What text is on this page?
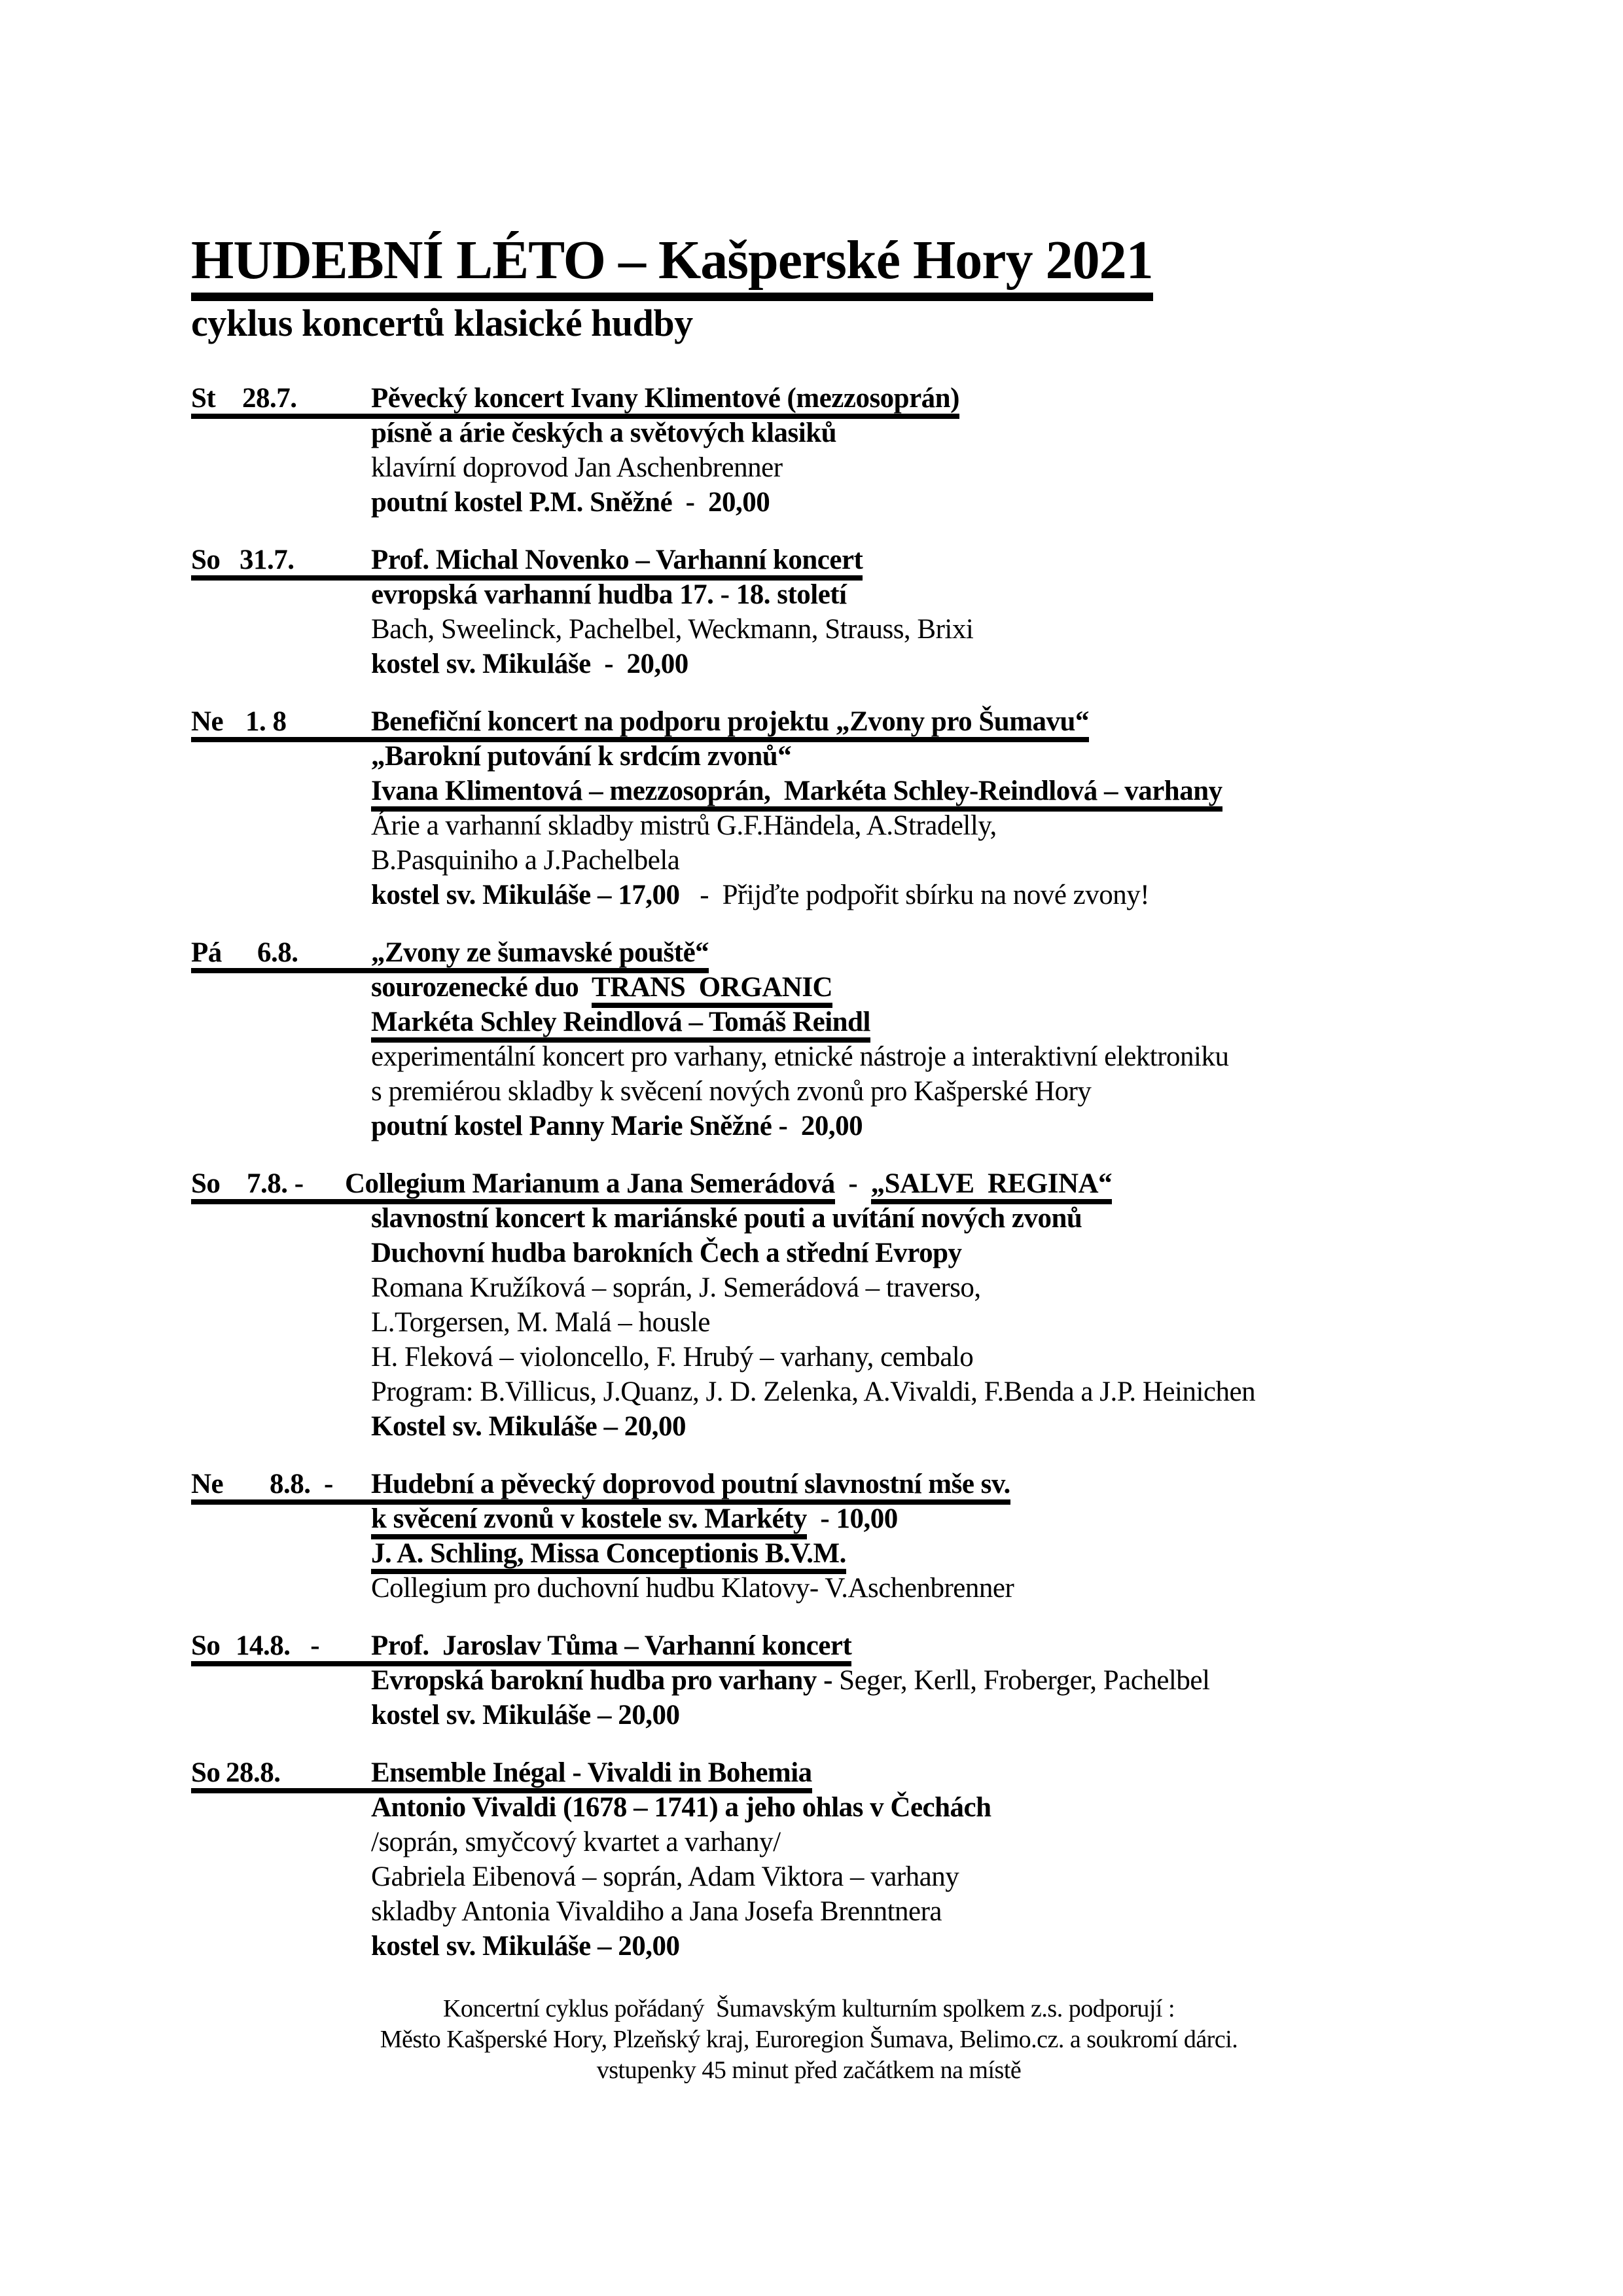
HUDEBNÍ LÉTO – Kašperské Hory 2021
cyklus koncertů klasické hudby
St 28.7.	Pěvecký koncert Ivany Klimentové (mezzosoprán)
písně a árie českých a světových klasiků
klavírní doprovod Jan Aschenbrenner
poutní kostel P.M. Sněžné  -  20,00
So 31.7.	Prof. Michal Novenko – Varhanní koncert
evropská varhanní hudba 17. - 18. století
Bach, Sweelinck, Pachelbel, Weckmann, Strauss, Brixi
kostel sv. Mikuláše  -  20,00
Ne 1. 8	Benefiční koncert na podporu projektu „Zvony pro Šumavu“
„Barokní putování k srdcím zvonů“
Ivana Klimentová – mezzosoprán,  Markéta Schley-Reindlová – varhany
Árie a varhanní skladby mistrů G.F.Händela, A.Stradelly,
B.Pasquiniho a J.Pachelbela
kostel sv. Mikuláše – 17,00   -  Přijďte podpořit sbírku na nové zvony!
Pá 6.8.	„Zvony ze šumavské pouště“
sourozenecké duo  TRANS  ORGANIC
Markéta Schley Reindlová – Tomáš Reindl
experimentální koncert pro varhany, etnické nástroje a interaktivní elektroniku
s premiérou skladby k svěcení nových zvonů pro Kašperské Hory
poutní kostel Panny Marie Sněžné -  20,00
So 7.8. - Collegium Marianum a Jana Semerádová  -  „SALVE  REGINA“
slavnostní koncert k mariánské pouti a uvítání nových zvonů
Duchovní hudba barokních Čech a střední Evropy
Romana Kružíková – soprán, J. Semerádová – traverso,
L.Torgersen, M. Malá – housle
H. Fleková – violoncello, F. Hrubý – varhany, cembalo
Program: B.Villicus, J.Quanz, J. D. Zelenka, A.Vivaldi, F.Benda a J.P. Heinichen
Kostel sv. Mikuláše – 20,00
Ne 8.8.  - Hudební a pěvecký doprovod poutní slavnostní mše sv.
k svěcení zvonů v kostele sv. Markéty  - 10,00
J. A. Schling, Missa Conceptionis B.V.M.
Collegium pro duchovní hudbu Klatovy- V.Aschenbrenner
So 14.8.   - Prof.  Jaroslav Tůma – Varhanní koncert
Evropská barokní hudba pro varhany - Seger, Kerll, Froberger, Pachelbel
kostel sv. Mikuláše – 20,00
So 28.8.	Ensemble Inégal - Vivaldi in Bohemia
Antonio Vivaldi (1678 – 1741) a jeho ohlas v Čechách
/soprán, smyčcový kvartet a varhany/
Gabriela Eibenová – soprán, Adam Viktora – varhany
skladby Antonia Vivaldiho a Jana Josefa Brenntnera
kostel sv. Mikuláše – 20,00
Koncertní cyklus pořádaný  Šumavským kulturním spolkem z.s. podporují :
Město Kašperské Hory, Plzeňský kraj, Euroregion Šumava, Belimo.cz. a soukromí dárci.
vstupenky 45 minut před začátkem na místě
